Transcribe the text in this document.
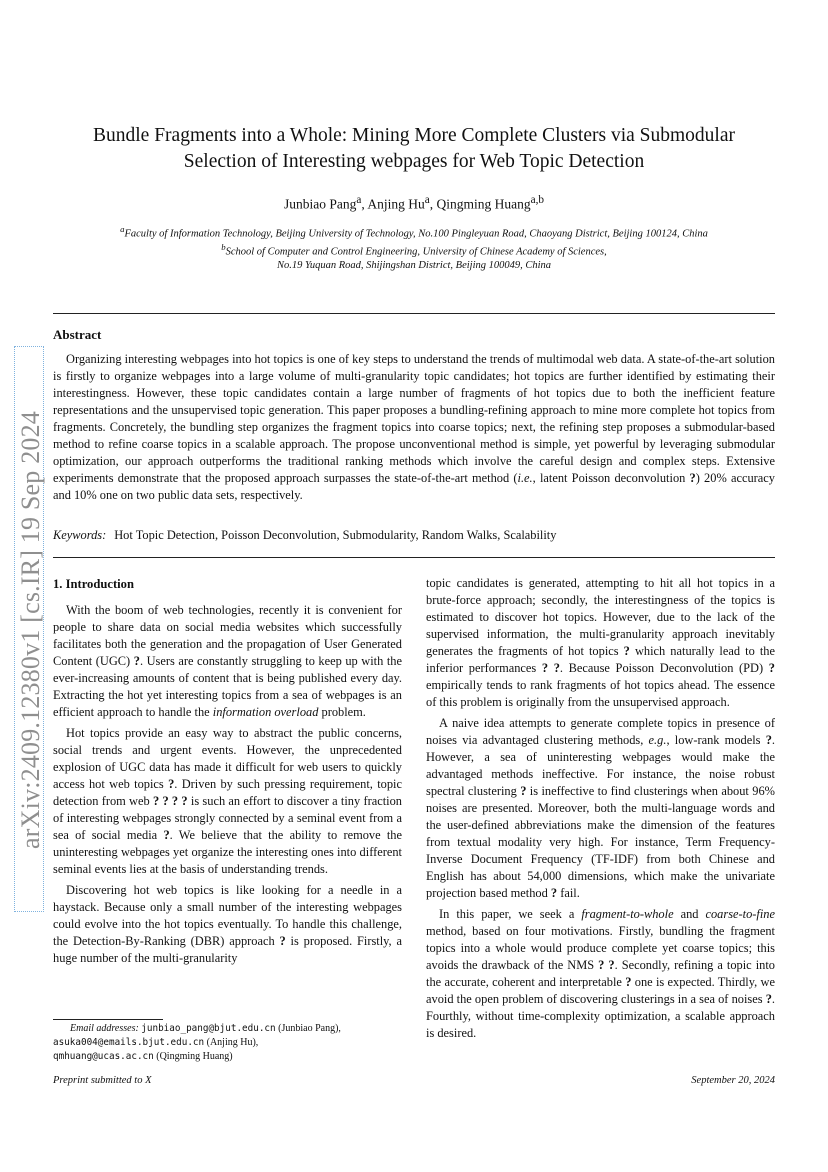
arXiv:2409.12380v1 [cs.IR] 19 Sep 2024
Bundle Fragments into a Whole: Mining More Complete Clusters via Submodular
Selection of Interesting webpages for Web Topic Detection
Junbiao Pang$^a$, Anjing Hu$^a$, Qingming Huang$^{a,b}$
$^a$Faculty of Information Technology, Beijing University of Technology, No.100 Pingleyuan Road, Chaoyang District, Beijing 100124, China
$^b$School of Computer and Control Engineering, University of Chinese Academy of Sciences,
No.19 Yuquan Road, Shijingshan District, Beijing 100049, China
Abstract

Organizing interesting webpages into hot topics is one of key steps to understand the trends of multimodal web data. A state-of-the-art solution is firstly to organize webpages into a large volume of multi-granularity topic candidates; hot topics are further identified by estimating their interestingness. However, these topic candidates contain a large number of fragments of hot topics due to both the inefficient feature representations and the unsupervised topic generation. This paper proposes a bundling-refining approach to mine more complete hot topics from fragments. Concretely, the bundling step organizes the fragment topics into coarse topics; next, the refining step proposes a submodular-based method to refine coarse topics in a scalable approach. The propose unconventional method is simple, yet powerful by leveraging submodular optimization, our approach outperforms the traditional ranking methods which involve the careful design and complex steps. Extensive experiments demonstrate that the proposed approach surpasses the state-of-the-art method (i.e., latent Poisson deconvolution ?) 20% accuracy and 10% one on two public data sets, respectively.

Keywords: Hot Topic Detection, Poisson Deconvolution, Submodularity, Random Walks, Scalability
1. Introduction

With the boom of web technologies, recently it is convenient for people to share data on social media websites which successfully facilitates both the generation and the propagation of User Generated Content (UGC) ?. Users are constantly struggling to keep up with the ever-increasing amounts of content that is being published every day. Extracting the hot yet interesting topics from a sea of webpages is an efficient approach to handle the information overload problem.

Hot topics provide an easy way to abstract the public concerns, social trends and urgent events. However, the unprecedented explosion of UGC data has made it difficult for web users to quickly access hot web topics ?. Driven by such pressing requirement, topic detection from web ? ? ? ? is such an effort to discover a tiny fraction of interesting webpages strongly connected by a seminal event from a sea of social media ?. We believe that the ability to remove the uninteresting webpages yet organize the interesting ones into different seminal events lies at the basis of understanding trends.

Discovering hot web topics is like looking for a needle in a haystack. Because only a small number of the interesting webpages could evolve into the hot topics eventually. To handle this challenge, the Detection-By-Ranking (DBR) approach ? is proposed. Firstly, a huge number of the multi-granularity

topic candidates is generated, attempting to hit all hot topics in a brute-force approach; secondly, the interestingness of the topics is estimated to discover hot topics. However, due to the lack of the supervised information, the multi-granularity approach inevitably generates the fragments of hot topics ? which naturally lead to the inferior performances ? ?. Because Poisson Deconvolution (PD) ? empirically tends to rank fragments of hot topics ahead. The essence of this problem is originally from the unsupervised approach.

A naive idea attempts to generate complete topics in presence of noises via advantaged clustering methods, e.g., low-rank models ?. However, a sea of uninteresting webpages would make the advantaged methods ineffective. For instance, the noise robust spectral clustering ? is ineffective to find clusterings when about 96% noises are presented. Moreover, both the multi-language words and the user-defined abbreviations make the dimension of the features from textual modality very high. For instance, Term Frequency-Inverse Document Frequency (TF-IDF) from both Chinese and English has about 54,000 dimensions, which make the univariate projection based method ? fail.

In this paper, we seek a fragment-to-whole and coarse-to-fine method, based on four motivations. Firstly, bundling the fragment topics into a whole would produce complete yet coarse topics; this avoids the drawback of the NMS ? ?. Secondly, refining a topic into the accurate, coherent and interpretable ? one is expected. Thirdly, we avoid the open problem of discovering clusterings in a sea of noises ?. Fourthly, without time-complexity optimization, a scalable approach is desired.

Email addresses: junbiao_pang@bjut.edu.cn (Junbiao Pang),
asuka004@emails.bjut.edu.cn (Anjing Hu),
qmhuang@ucas.ac.cn (Qingming Huang)
Preprint submitted to X	September 20, 2024
